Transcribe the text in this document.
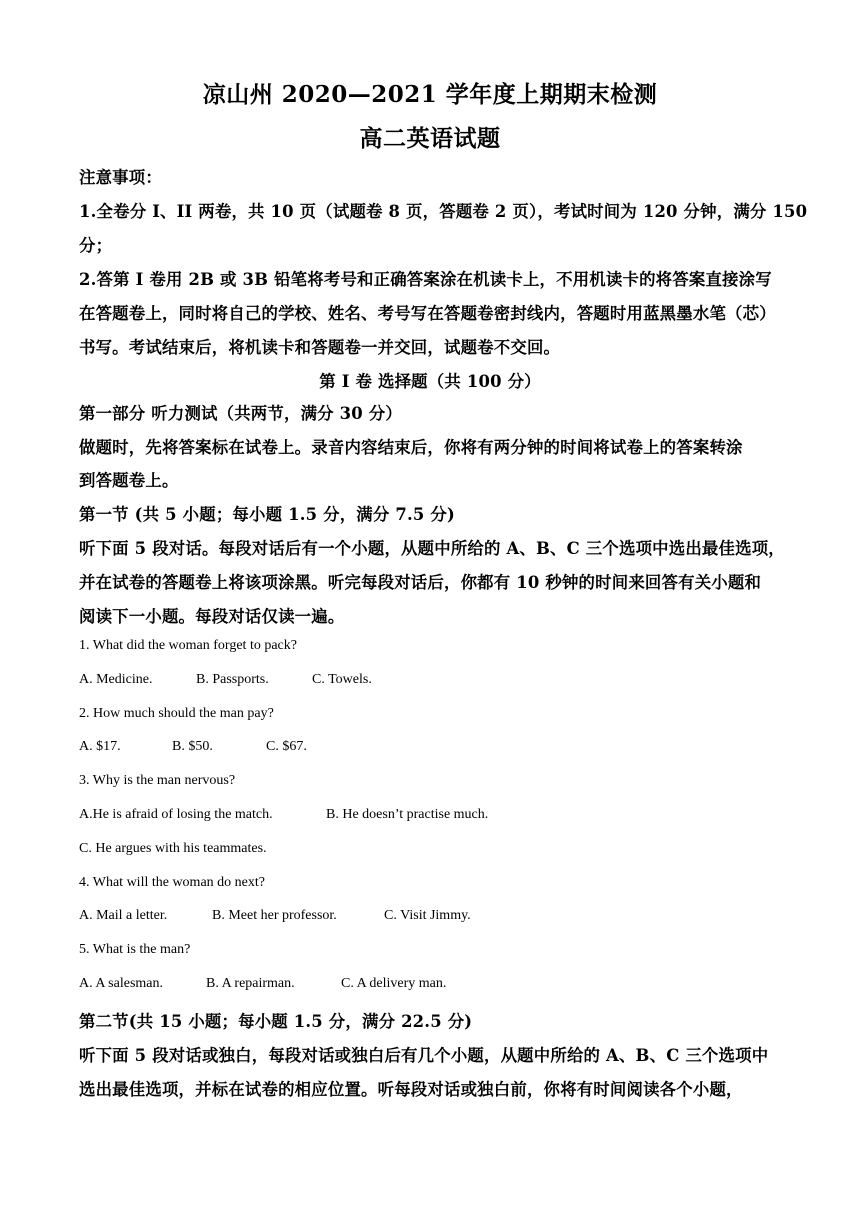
凉山州 2020—2021 学年度上期期末检测
高二英语试题
注意事项：
1.全卷分 I、II 两卷，共 10 页（试题卷 8 页，答题卷 2 页），考试时间为 120 分钟，满分 150
分；
2.答第 I 卷用 2B 或 3B 铅笔将考号和正确答案涂在机读卡上，不用机读卡的将答案直接涂写
在答题卷上，同时将自己的学校、姓名、考号写在答题卷密封线内，答题时用蓝黑墨水笔（芯）
书写。考试结束后，将机读卡和答题卷一并交回，试题卷不交回。
第 I 卷 选择题（共 100 分）
第一部分 听力测试（共两节，满分 30 分）
做题时，先将答案标在试卷上。录音内容结束后，你将有两分钟的时间将试卷上的答案转涂
到答题卷上。
第一节 (共 5 小题；每小题 1.5 分，满分 7.5 分)
听下面 5 段对话。每段对话后有一个小题，从题中所给的 A、B、C 三个选项中选出最佳选项，
并在试卷的答题卷上将该项涂黑。听完每段对话后，你都有 10 秒钟的时间来回答有关小题和
阅读下一小题。每段对话仅读一遍。
1. What did the woman forget to pack?
A. Medicine.	B. Passports.	C. Towels.
2. How much should the man pay?
A. $17.	B. $50.	C. $67.
3. Why is the man nervous?
A.He is afraid of losing the match.	B. He doesn’t practise much.
C. He argues with his teammates.
4. What will the woman do next?
A. Mail a letter.	B. Meet her professor.	C. Visit Jimmy.
5. What is the man?
A. A salesman.	B. A repairman.	C. A delivery man.
第二节(共 15 小题；每小题 1.5 分，满分 22.5 分)
听下面 5 段对话或独白，每段对话或独白后有几个小题，从题中所给的 A、B、C 三个选项中
选出最佳选项，并标在试卷的相应位置。听每段对话或独白前，你将有时间阅读各个小题，
